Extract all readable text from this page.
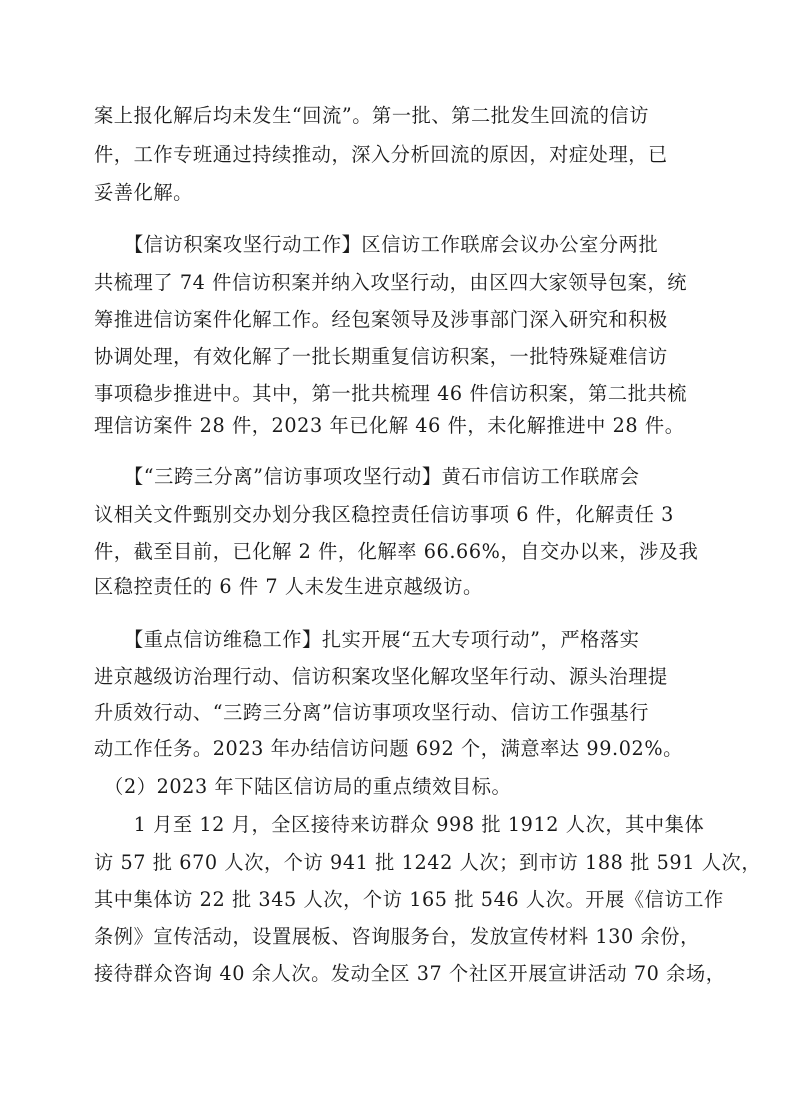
案上报化解后均未发生“回流”。第一批、第二批发生回流的信访
件，工作专班通过持续推动，深入分析回流的原因，对症处理，已
妥善化解。
　　【信访积案攻坚行动工作】区信访工作联席会议办公室分两批
共梳理了 74 件信访积案并纳入攻坚行动，由区四大家领导包案，统
筹推进信访案件化解工作。经包案领导及涉事部门深入研究和积极
协调处理，有效化解了一批长期重复信访积案，一批特殊疑难信访
事项稳步推进中。其中，第一批共梳理 46 件信访积案，第二批共梳
理信访案件 28 件，2023 年已化解 46 件，未化解推进中 28 件。
　　【“三跨三分离”信访事项攻坚行动】黄石市信访工作联席会
议相关文件甄别交办划分我区稳控责任信访事项 6 件，化解责任 3
件，截至目前，已化解 2 件，化解率 66.66%，自交办以来，涉及我
区稳控责任的 6 件 7 人未发生进京越级访。
　　【重点信访维稳工作】扎实开展“五大专项行动”，严格落实
进京越级访治理行动、信访积案攻坚化解攻坚年行动、源头治理提
升质效行动、“三跨三分离”信访事项攻坚行动、信访工作强基行
动工作任务。2023 年办结信访问题 692 个，满意率达 99.02%。
　（2）2023 年下陆区信访局的重点绩效目标。
　　1 月至 12 月，全区接待来访群众 998 批 1912 人次，其中集体
访 57 批 670 人次，个访 941 批 1242 人次；到市访 188 批 591 人次，
其中集体访 22 批 345 人次，个访 165 批 546 人次。开展《信访工作
条例》宣传活动，设置展板、咨询服务台，发放宣传材料 130 余份，
接待群众咨询 40 余人次。发动全区 37 个社区开展宣讲活动 70 余场，
